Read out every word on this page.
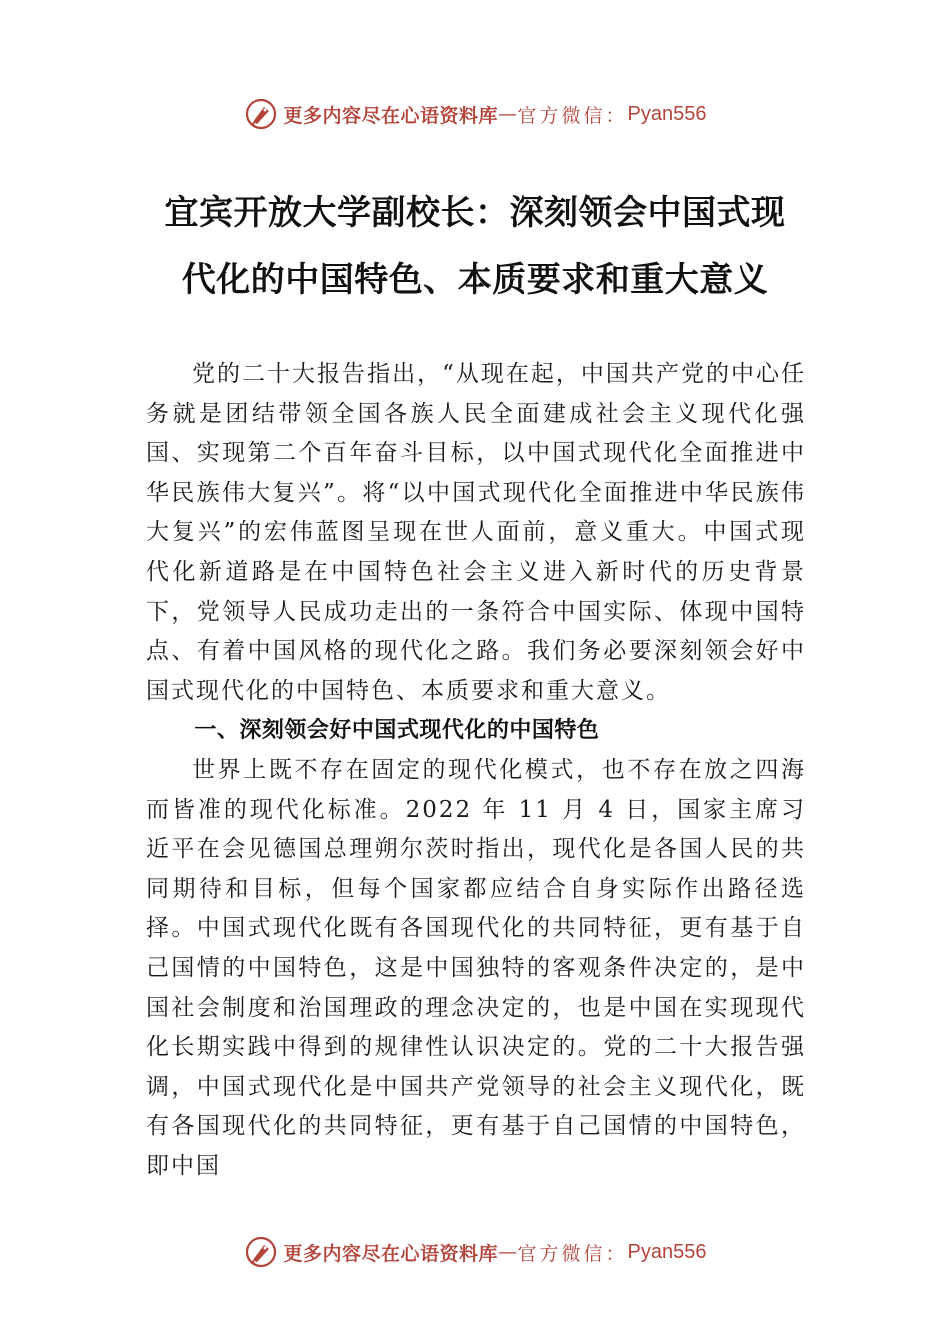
更多内容尽在心语资料库 — 官方微信： Pyan556
宜宾开放大学副校长：深刻领会中国式现
代化的中国特色、本质要求和重大意义

党的二十大报告指出，“从现在起，中国共产党的中心任务就是团结带领全国各族人民全面建成社会主义现代化强国、实现第二个百年奋斗目标，以中国式现代化全面推进中华民族伟大复兴”。将“以中国式现代化全面推进中华民族伟大复兴”的宏伟蓝图呈现在世人面前，意义重大。中国式现代化新道路是在中国特色社会主义进入新时代的历史背景下，党领导人民成功走出的一条符合中国实际、体现中国特点、有着中国风格的现代化之路。我们务必要深刻领会好中国式现代化的中国特色、本质要求和重大意义。

一、深刻领会好中国式现代化的中国特色

世界上既不存在固定的现代化模式，也不存在放之四海而皆准的现代化标准。2022 年 11 月 4 日，国家主席习近平在会见德国总理朔尔茨时指出，现代化是各国人民的共同期待和目标，但每个国家都应结合自身实际作出路径选择。中国式现代化既有各国现代化的共同特征，更有基于自己国情的中国特色，这是中国独特的客观条件决定的，是中国社会制度和治国理政的理念决定的，也是中国在实现现代化长期实践中得到的规律性认识决定的。党的二十大报告强调，中国式现代化是中国共产党领导的社会主义现代化，既有各国现代化的共同特征，更有基于自己国情的中国特色，即中国

更多内容尽在心语资料库 — 官方微信： Pyan556
